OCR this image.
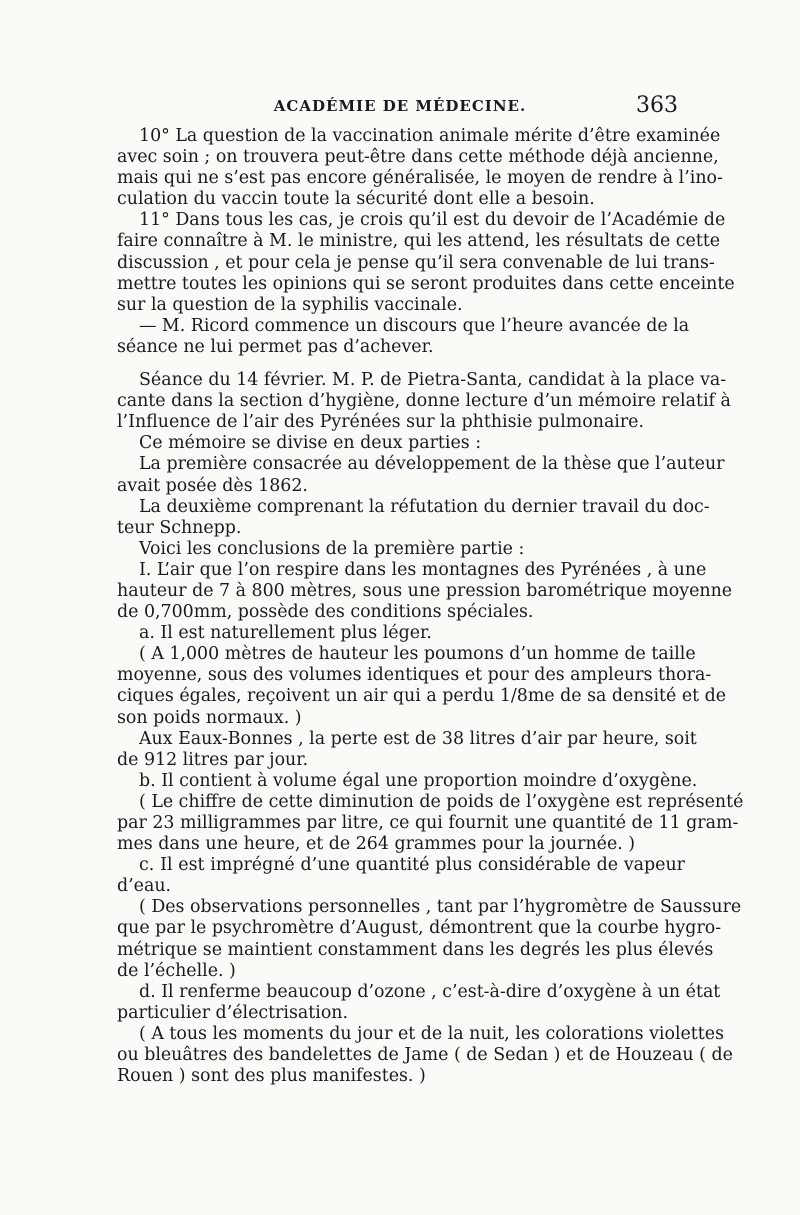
ACADÉMIE DE MÉDECINE.	363
10° La question de la vaccination animale mérite d’être examinée
avec soin ; on trouvera peut-être dans cette méthode déjà ancienne,
mais qui ne s’est pas encore généralisée, le moyen de rendre à l’ino-
culation du vaccin toute la sécurité dont elle a besoin.
11° Dans tous les cas, je crois qu’il est du devoir de l’Académie de
faire connaître à M. le ministre, qui les attend, les résultats de cette
discussion , et pour cela je pense qu’il sera convenable de lui trans-
mettre toutes les opinions qui se seront produites dans cette enceinte
sur la question de la syphilis vaccinale.
— M. Ricord commence un discours que l’heure avancée de la
séance ne lui permet pas d’achever.
Séance du 14 février. M. P. de Pietra-Santa, candidat à la place va-
cante dans la section d’hygiène, donne lecture d’un mémoire relatif à
l’Influence de l’air des Pyrénées sur la phthisie pulmonaire.
Ce mémoire se divise en deux parties :
La première consacrée au développement de la thèse que l’auteur
avait posée dès 1862.
La deuxième comprenant la réfutation du dernier travail du doc-
teur Schnepp.
Voici les conclusions de la première partie :
I. L’air que l’on respire dans les montagnes des Pyrénées , à une
hauteur de 7 à 800 mètres, sous une pression barométrique moyenne
de 0,700mm, possède des conditions spéciales.
a. Il est naturellement plus léger.
( A 1,000 mètres de hauteur les poumons d’un homme de taille
moyenne, sous des volumes identiques et pour des ampleurs thora-
ciques égales, reçoivent un air qui a perdu 1/8me de sa densité et de
son poids normaux. )
Aux Eaux-Bonnes , la perte est de 38 litres d’air par heure, soit
de 912 litres par jour.
b. Il contient à volume égal une proportion moindre d’oxygène.
( Le chiffre de cette diminution de poids de l’oxygène est représenté
par 23 milligrammes par litre, ce qui fournit une quantité de 11 gram-
mes dans une heure, et de 264 grammes pour la journée. )
c. Il est imprégné d’une quantité plus considérable de vapeur
d’eau.
( Des observations personnelles , tant par l’hygromètre de Saussure
que par le psychromètre d’August, démontrent que la courbe hygro-
métrique se maintient constamment dans les degrés les plus élevés
de l’échelle. )
d. Il renferme beaucoup d’ozone , c’est-à-dire d’oxygène à un état
particulier d’électrisation.
( A tous les moments du jour et de la nuit, les colorations violettes
ou bleuâtres des bandelettes de Jame ( de Sedan ) et de Houzeau ( de
Rouen ) sont des plus manifestes. )
